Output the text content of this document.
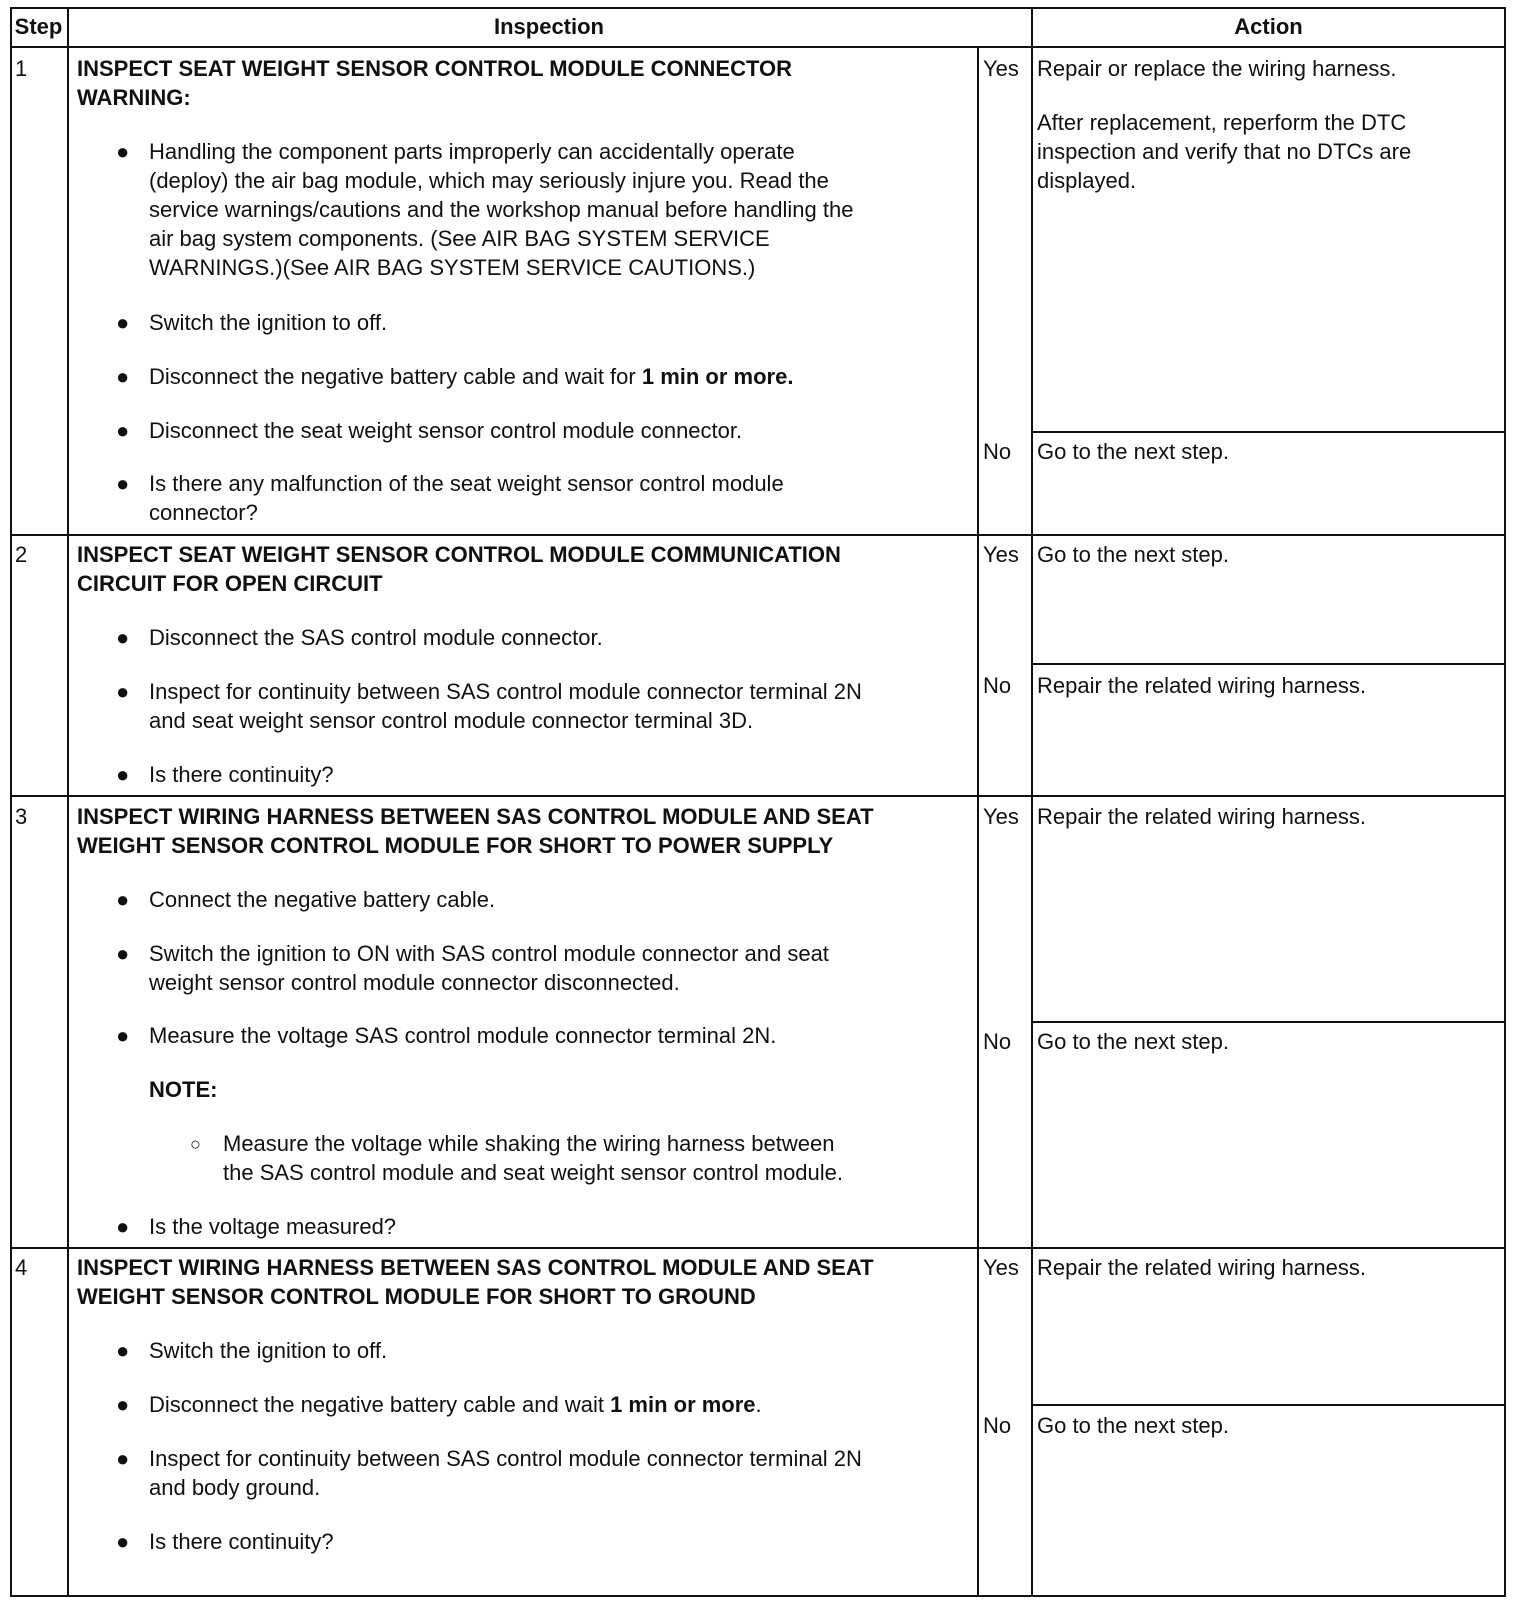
Step	Inspection	Action
1 INSPECT SEAT WEIGHT SENSOR CONTROL MODULE CONNECTOR
WARNING:
● Handling the component parts improperly can accidentally operate
(deploy) the air bag module, which may seriously injure you. Read the
service warnings/cautions and the workshop manual before handling the
air bag system components. (See AIR BAG SYSTEM SERVICE
WARNINGS.)(See AIR BAG SYSTEM SERVICE CAUTIONS.)
● Switch the ignition to off.
● Disconnect the negative battery cable and wait for 1 min or more.
● Disconnect the seat weight sensor control module connector.
● Is there any malfunction of the seat weight sensor control module
connector?
Yes Repair or replace the wiring harness.
After replacement, reperform the DTC
inspection and verify that no DTCs are
displayed.
No Go to the next step.
2 INSPECT SEAT WEIGHT SENSOR CONTROL MODULE COMMUNICATION
CIRCUIT FOR OPEN CIRCUIT
● Disconnect the SAS control module connector.
● Inspect for continuity between SAS control module connector terminal 2N
and seat weight sensor control module connector terminal 3D.
● Is there continuity?
Yes Go to the next step.
No Repair the related wiring harness.
3 INSPECT WIRING HARNESS BETWEEN SAS CONTROL MODULE AND SEAT
WEIGHT SENSOR CONTROL MODULE FOR SHORT TO POWER SUPPLY
● Connect the negative battery cable.
● Switch the ignition to ON with SAS control module connector and seat
weight sensor control module connector disconnected.
● Measure the voltage SAS control module connector terminal 2N.
NOTE:
○ Measure the voltage while shaking the wiring harness between
the SAS control module and seat weight sensor control module.
● Is the voltage measured?
Yes Repair the related wiring harness.
No Go to the next step.
4 INSPECT WIRING HARNESS BETWEEN SAS CONTROL MODULE AND SEAT
WEIGHT SENSOR CONTROL MODULE FOR SHORT TO GROUND
● Switch the ignition to off.
● Disconnect the negative battery cable and wait 1 min or more.
● Inspect for continuity between SAS control module connector terminal 2N
and body ground.
● Is there continuity?
Yes Repair the related wiring harness.
No Go to the next step.
